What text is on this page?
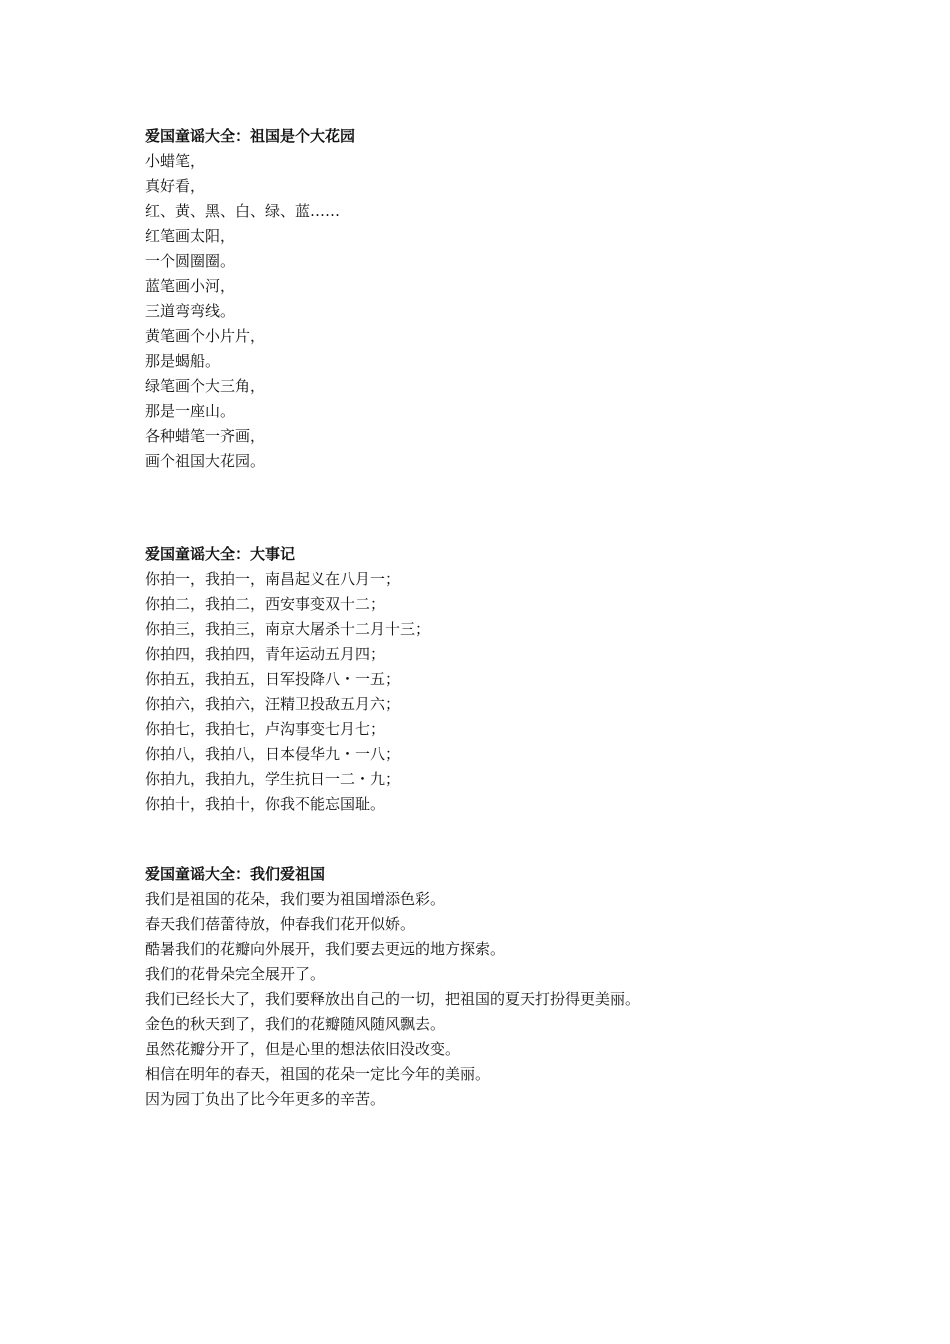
爱国童谣大全：祖国是个大花园
小蜡笔，
真好看，
红、黄、黑、白、绿、蓝……
红笔画太阳，
一个圆圈圈。
蓝笔画小河，
三道弯弯线。
黄笔画个小片片，
那是蝎船。
绿笔画个大三角，
那是一座山。
各种蜡笔一齐画，
画个祖国大花园。
爱国童谣大全：大事记
你拍一，我拍一，南昌起义在八月一；
你拍二，我拍二，西安事变双十二；
你拍三，我拍三，南京大屠杀十二月十三；
你拍四，我拍四，青年运动五月四；
你拍五，我拍五，日军投降八・一五；
你拍六，我拍六，汪精卫投敌五月六；
你拍七，我拍七，卢沟事变七月七；
你拍八，我拍八，日本侵华九・一八；
你拍九，我拍九，学生抗日一二・九；
你拍十，我拍十，你我不能忘国耻。
爱国童谣大全：我们爱祖国
我们是祖国的花朵，我们要为祖国增添色彩。
春天我们蓓蕾待放，仲春我们花开似娇。
酷暑我们的花瓣向外展开，我们要去更远的地方探索。
我们的花骨朵完全展开了。
我们已经长大了，我们要释放出自己的一切，把祖国的夏天打扮得更美丽。
金色的秋天到了，我们的花瓣随风随风飘去。
虽然花瓣分开了，但是心里的想法依旧没改变。
相信在明年的春天，祖国的花朵一定比今年的美丽。
因为园丁负出了比今年更多的辛苦。
